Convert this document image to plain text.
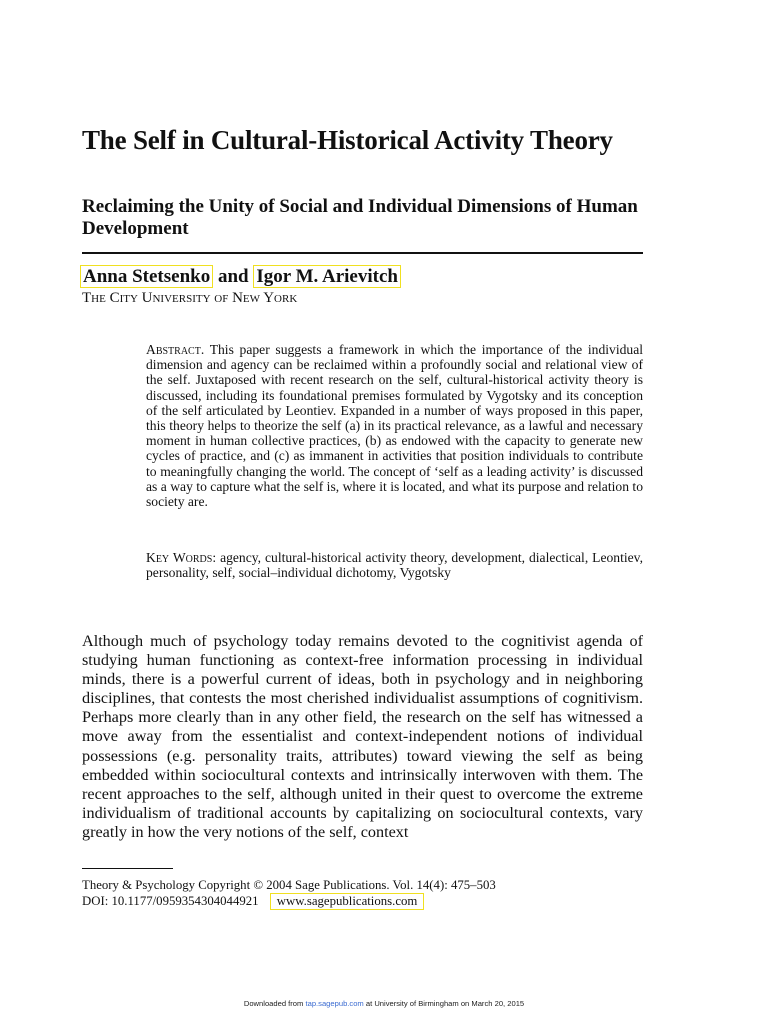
The Self in Cultural-Historical Activity Theory
Reclaiming the Unity of Social and Individual Dimensions of Human Development
Anna Stetsenko and Igor M. Arievitch
The City University of New York
Abstract. This paper suggests a framework in which the importance of the individual dimension and agency can be reclaimed within a profoundly social and relational view of the self. Juxtaposed with recent research on the self, cultural-historical activity theory is discussed, including its foundational premises formulated by Vygotsky and its conception of the self articulated by Leontiev. Expanded in a number of ways proposed in this paper, this theory helps to theorize the self (a) in its practical relevance, as a lawful and necessary moment in human collective practices, (b) as endowed with the capacity to generate new cycles of practice, and (c) as immanent in activities that position individuals to contribute to meaningfully changing the world. The concept of ‘self as a leading activity’ is discussed as a way to capture what the self is, where it is located, and what its purpose and relation to society are.
Key Words: agency, cultural-historical activity theory, development, dialectical, Leontiev, personality, self, social–individual dichotomy, Vygotsky
Although much of psychology today remains devoted to the cognitivist agenda of studying human functioning as context-free information processing in individual minds, there is a powerful current of ideas, both in psychology and in neighboring disciplines, that contests the most cherished individualist assumptions of cognitivism. Perhaps more clearly than in any other field, the research on the self has witnessed a move away from the essentialist and context-independent notions of individual possessions (e.g. personality traits, attributes) toward viewing the self as being embedded within sociocultural contexts and intrinsically interwoven with them. The recent approaches to the self, although united in their quest to overcome the extreme individualism of traditional accounts by capitalizing on sociocultural contexts, vary greatly in how the very notions of the self, context
Theory & Psychology Copyright © 2004 Sage Publications. Vol. 14(4): 475–503
DOI: 10.1177/0959354304044921 www.sagepublications.com
Downloaded from tap.sagepub.com at University of Birmingham on March 20, 2015
